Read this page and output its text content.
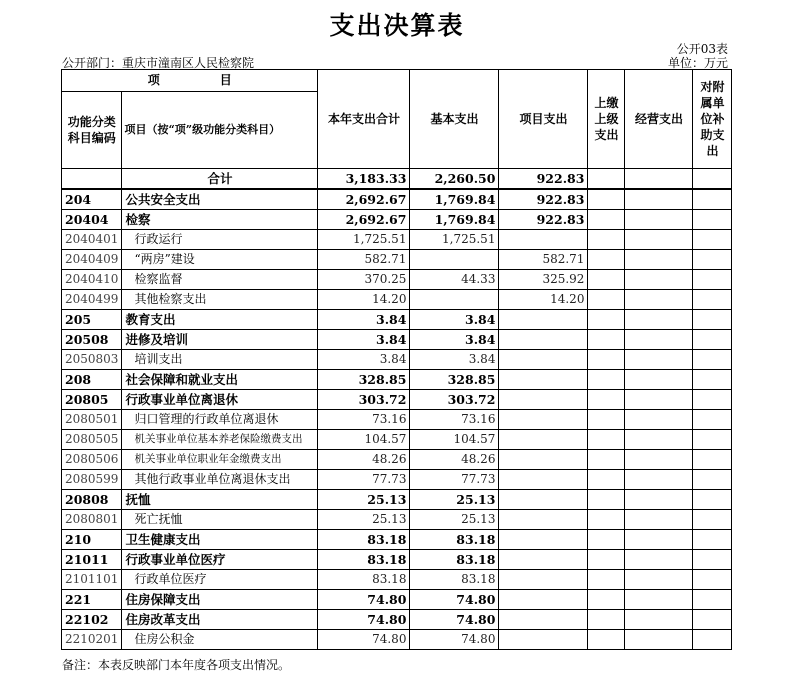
支出决算表
公开03表
公开部门：重庆市潼南区人民检察院	单位：万元
项　　　　　目		本年支出合计	基本支出	项目支出	上缴上级支出	经营支出	对附属单位补助支出
功能分类科目编码	项目（按“项”级功能分类科目）						
	合计	3,183.33	2,260.50	922.83			
204	公共安全支出	2,692.67	1,769.84	922.83			
20404	检察	2,692.67	1,769.84	922.83			
2040401	行政运行	1,725.51	1,725.51				
2040409	“两房”建设	582.71		582.71			
2040410	检察监督	370.25	44.33	325.92			
2040499	其他检察支出	14.20		14.20			
205	教育支出	3.84	3.84				
20508	进修及培训	3.84	3.84				
2050803	培训支出	3.84	3.84				
208	社会保障和就业支出	328.85	328.85				
20805	行政事业单位离退休	303.72	303.72				
2080501	归口管理的行政单位离退休	73.16	73.16				
2080505	机关事业单位基本养老保险缴费支出	104.57	104.57				
2080506	机关事业单位职业年金缴费支出	48.26	48.26				
2080599	其他行政事业单位离退休支出	77.73	77.73				
20808	抚恤	25.13	25.13				
2080801	死亡抚恤	25.13	25.13				
210	卫生健康支出	83.18	83.18				
21011	行政事业单位医疗	83.18	83.18				
2101101	行政单位医疗	83.18	83.18				
221	住房保障支出	74.80	74.80				
22102	住房改革支出	74.80	74.80				
2210201	住房公积金	74.80	74.80				
备注：本表反映部门本年度各项支出情况。
